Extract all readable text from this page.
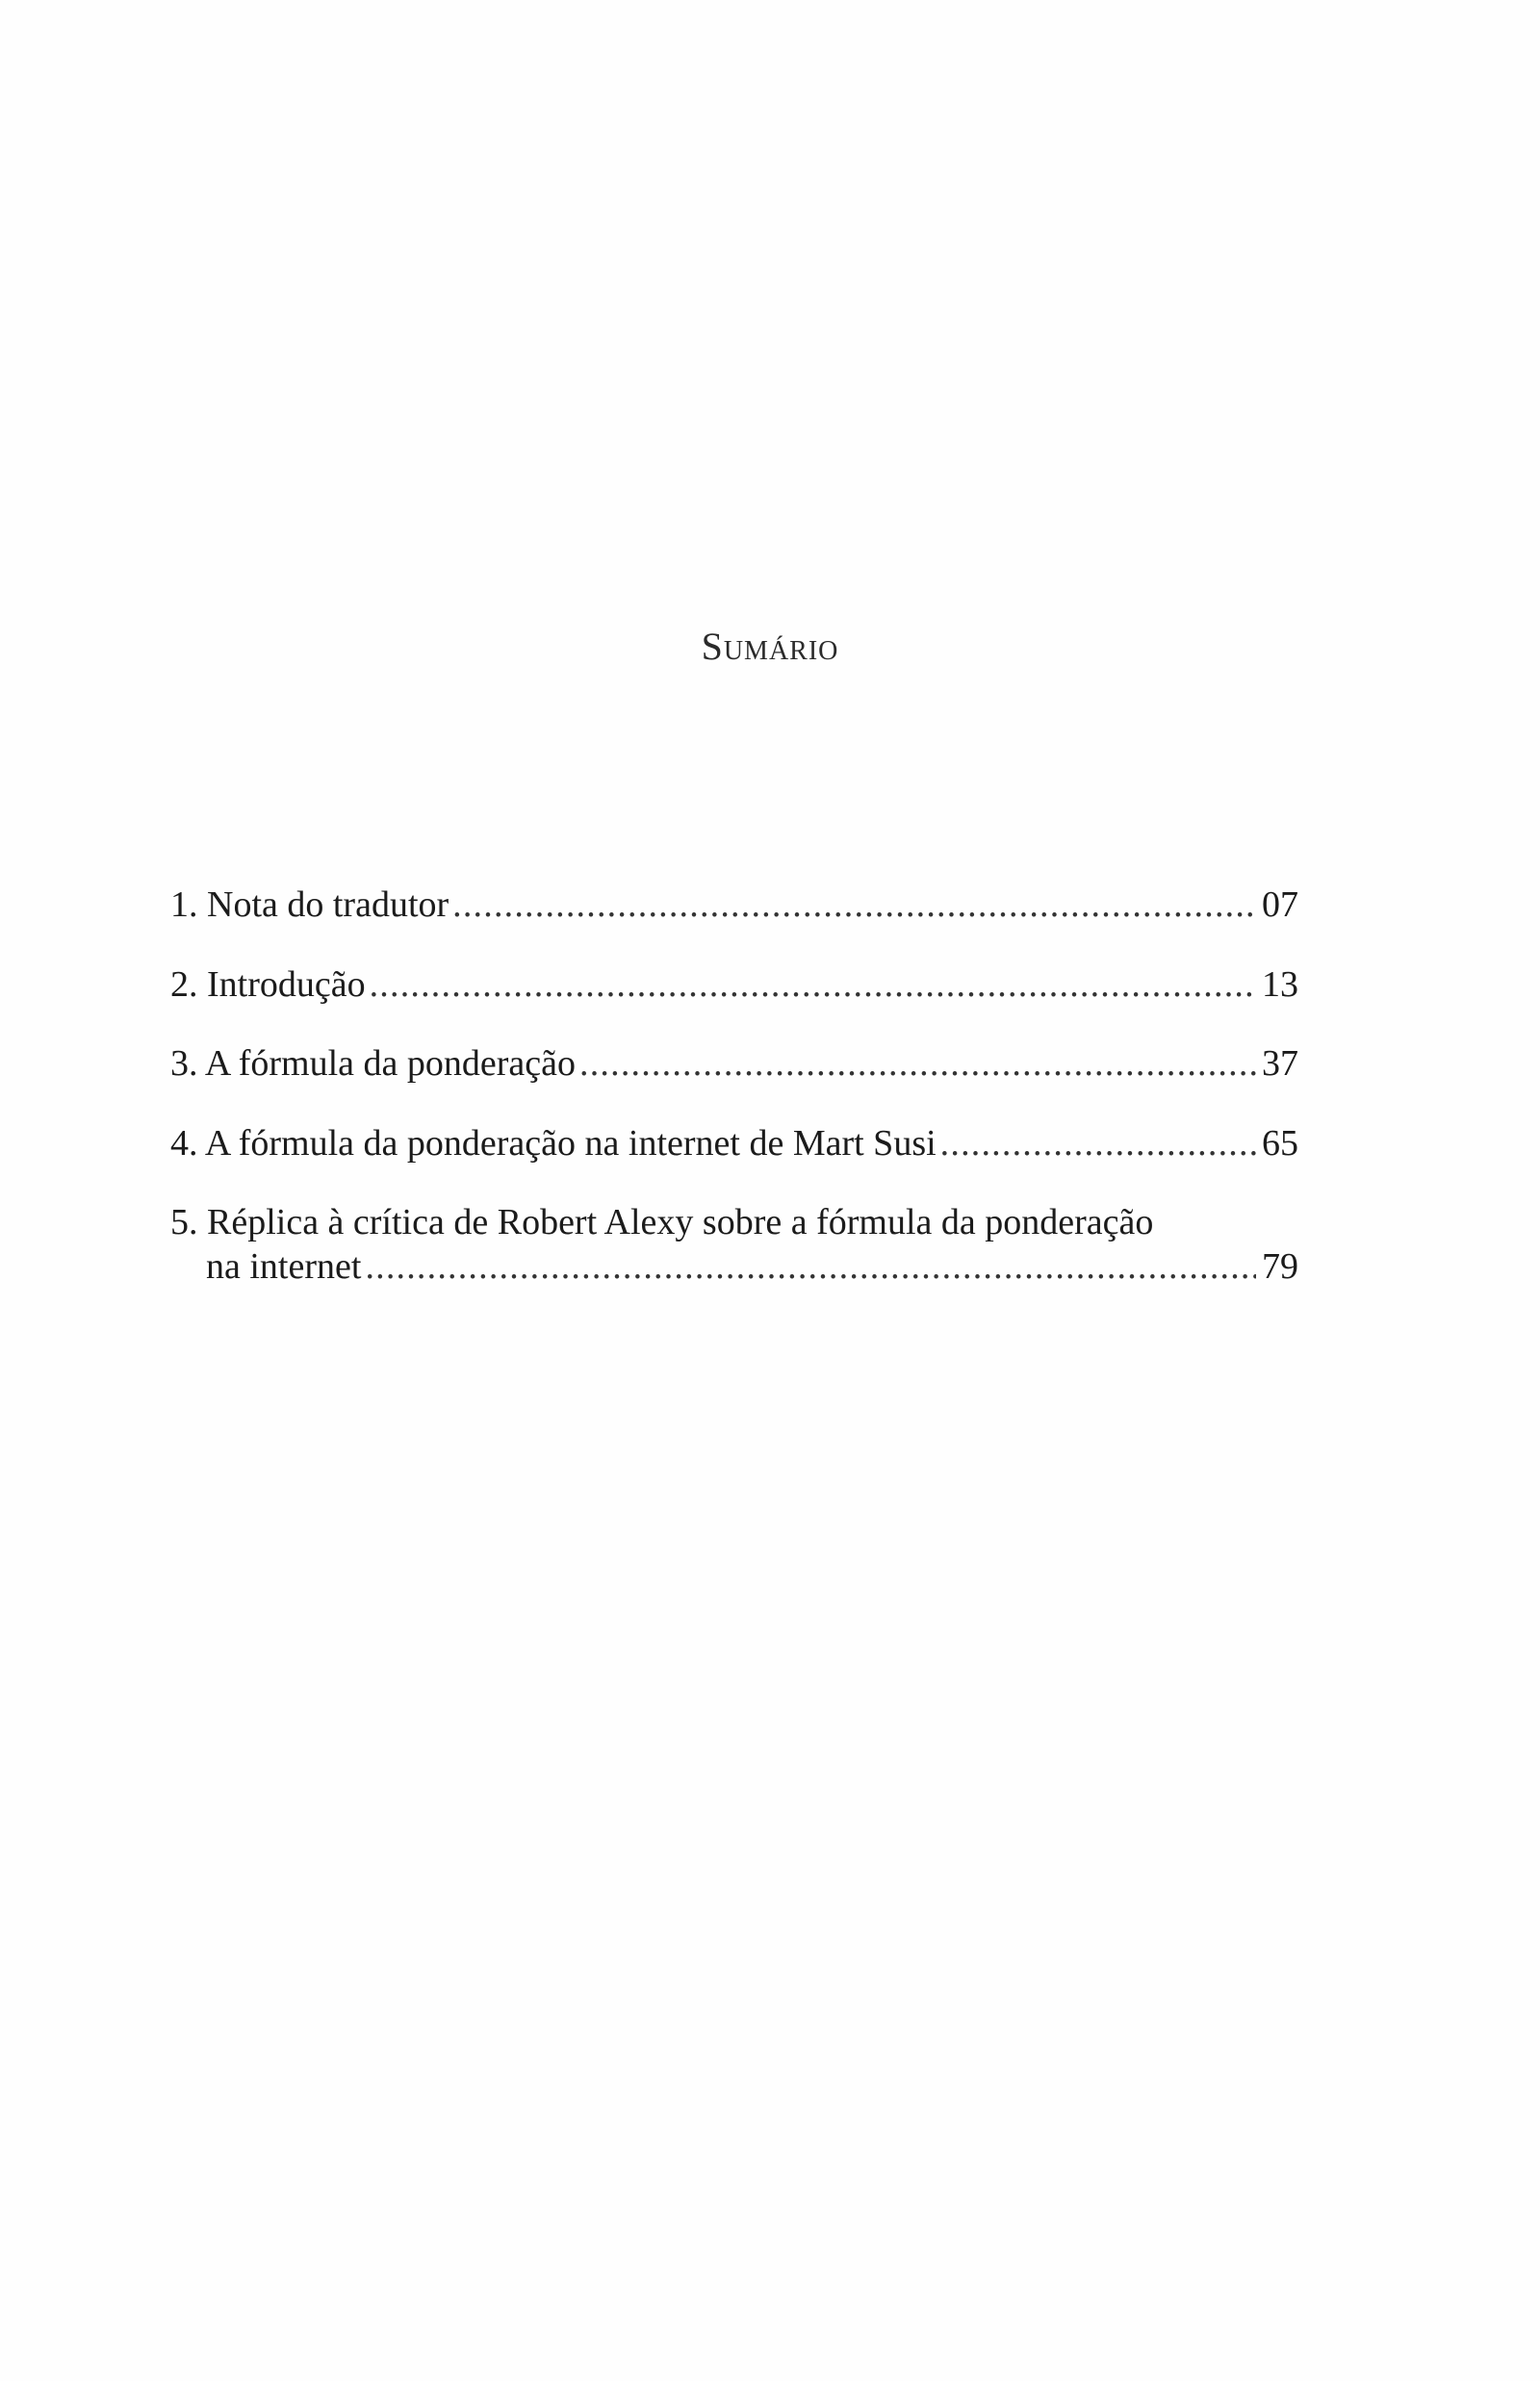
Sumário
1. Nota do tradutor .....	07
2. Introdução .....	13
3. A fórmula da ponderação .....	37
4. A fórmula da ponderação na internet de Mart Susi .....	65
5. Réplica à crítica de Robert Alexy sobre a fórmula da ponderação
na internet .....	79
